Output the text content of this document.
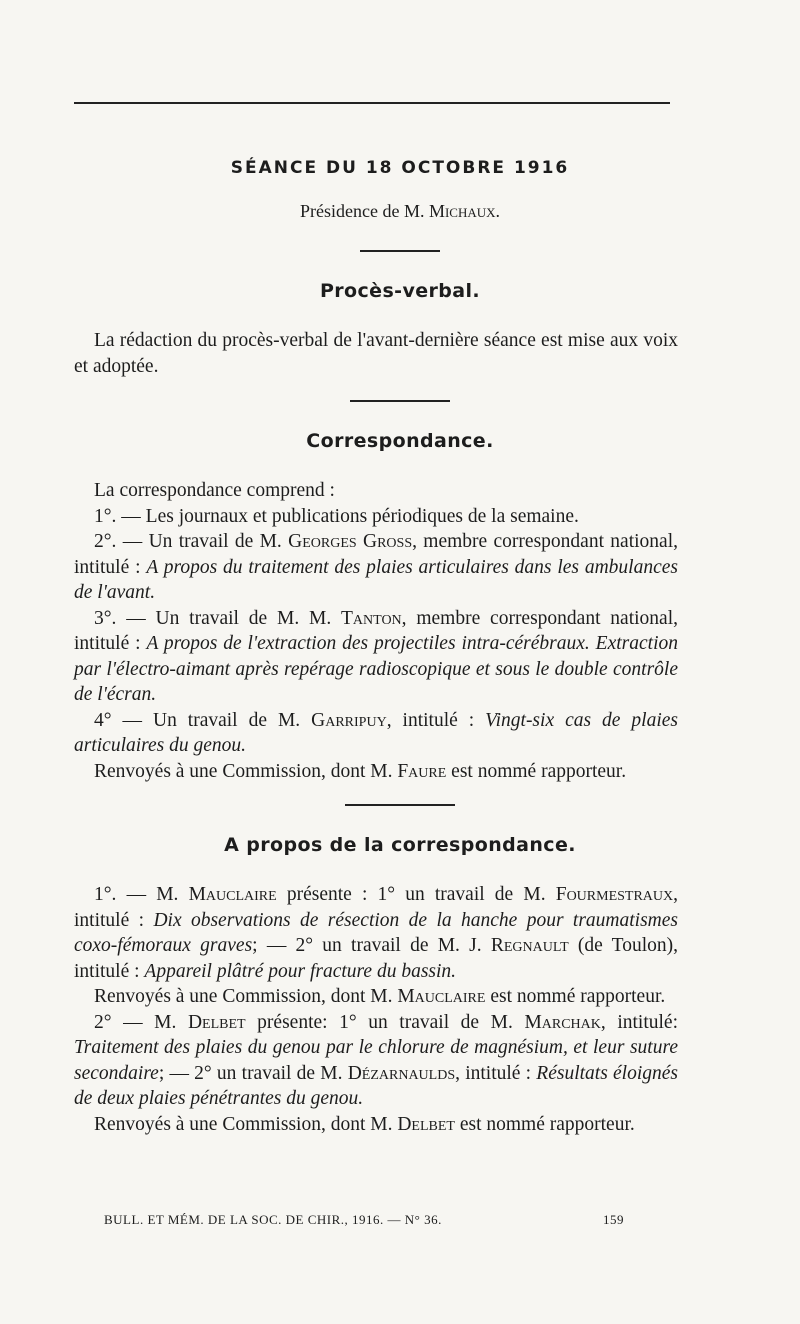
SÉANCE DU 18 OCTOBRE 1916
Présidence de M. Michaux.
Procès-verbal.

La rédaction du procès-verbal de l'avant-dernière séance est mise aux voix et adoptée.

Correspondance.

La correspondance comprend :

1°. — Les journaux et publications périodiques de la semaine.

2°. — Un travail de M. Georges Gross, membre correspondant national, intitulé : A propos du traitement des plaies articulaires dans les ambulances de l'avant.

3°. — Un travail de M. M. Tanton, membre correspondant national, intitulé : A propos de l'extraction des projectiles intra-cérébraux. Extraction par l'électro-aimant après repérage radioscopique et sous le double contrôle de l'écran.

4° — Un travail de M. Garripuy, intitulé : Vingt-six cas de plaies articulaires du genou.

Renvoyés à une Commission, dont M. Faure est nommé rapporteur.

A propos de la correspondance.

1°. — M. Mauclaire présente : 1° un travail de M. Fourmestraux, intitulé : Dix observations de résection de la hanche pour traumatismes coxo-fémoraux graves; — 2° un travail de M. J. Regnault (de Toulon), intitulé : Appareil plâtré pour fracture du bassin.

Renvoyés à une Commission, dont M. Mauclaire est nommé rapporteur.

2° — M. Delbet présente: 1° un travail de M. Marchak, intitulé: Traitement des plaies du genou par le chlorure de magnésium, et leur suture secondaire; — 2° un travail de M. Dézarnaulds, intitulé : Résultats éloignés de deux plaies pénétrantes du genou.

Renvoyés à une Commission, dont M. Delbet est nommé rapporteur.

BULL. ET MÉM. DE LA SOC. DE CHIR., 1916. — N° 36.	159
